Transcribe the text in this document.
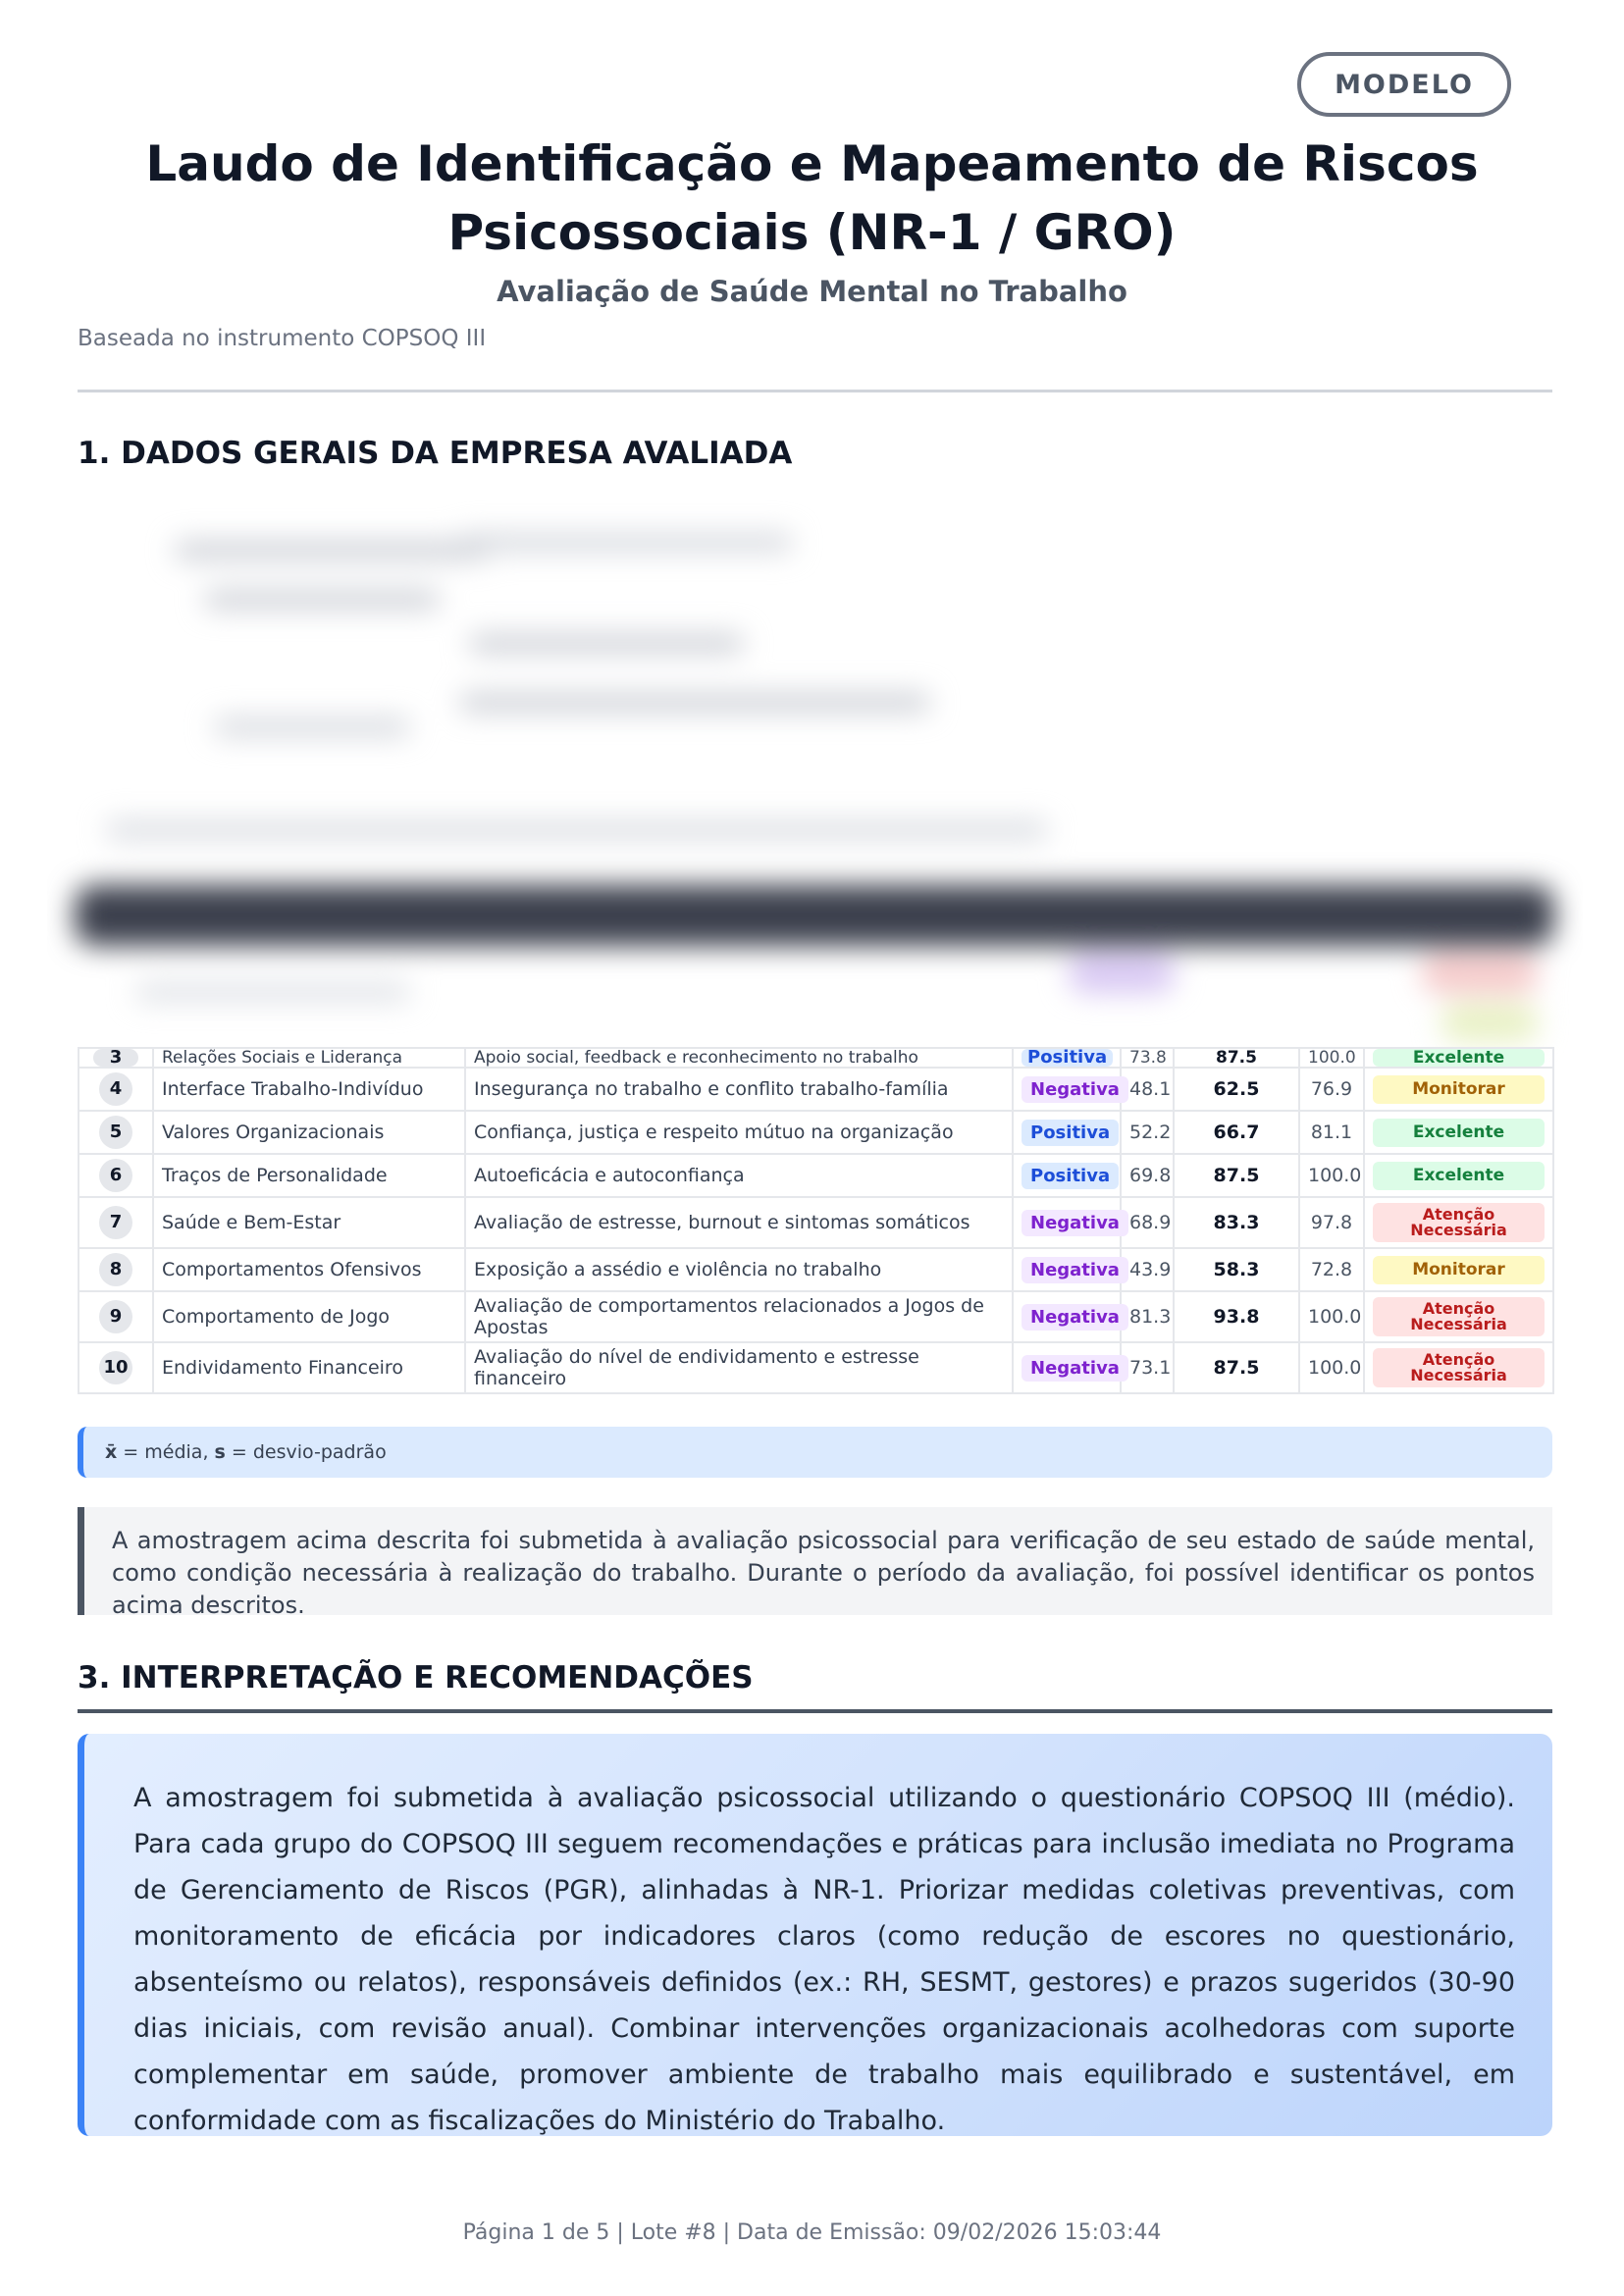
MODELO
Laudo de Identificação e Mapeamento de Riscos Psicossociais (NR-1 / GRO)
Avaliação de Saúde Mental no Trabalho
Baseada no instrumento COPSOQ III
1. DADOS GERAIS DA EMPRESA AVALIADA
3	Relações Sociais e Liderança	Apoio social, feedback e reconhecimento no trabalho	Positiva	73.8	87.5	100.0	Excelente

4	Interface Trabalho-Indivíduo	Insegurança no trabalho e conflito trabalho-família	Negativa	48.1	62.5	76.9	Monitorar

5	Valores Organizacionais	Confiança, justiça e respeito mútuo na organização	Positiva	52.2	66.7	81.1	Excelente

6	Traços de Personalidade	Autoeficácia e autoconfiança	Positiva	69.8	87.5	100.0	Excelente

7	Saúde e Bem-Estar	Avaliação de estresse, burnout e sintomas somáticos	Negativa	68.9	83.3	97.8	Atenção Necessária

8	Comportamentos Ofensivos	Exposição a assédio e violência no trabalho	Negativa	43.9	58.3	72.8	Monitorar

9	Comportamento de Jogo	Avaliação de comportamentos relacionados a Jogos de Apostas	Negativa	81.3	93.8	100.0	Atenção Necessária

10	Endividamento Financeiro	Avaliação do nível de endividamento e estresse financeiro	Negativa	73.1	87.5	100.0	Atenção Necessária
x̄ = média, s = desvio-padrão
A amostragem acima descrita foi submetida à avaliação psicossocial para verificação de seu estado de saúde mental, como condição necessária à realização do trabalho. Durante o período da avaliação, foi possível identificar os pontos acima descritos.
3. INTERPRETAÇÃO E RECOMENDAÇÕES
A amostragem foi submetida à avaliação psicossocial utilizando o questionário COPSOQ III (médio). Para cada grupo do COPSOQ III seguem recomendações e práticas para inclusão imediata no Programa de Gerenciamento de Riscos (PGR), alinhadas à NR-1. Priorizar medidas coletivas preventivas, com monitoramento de eficácia por indicadores claros (como redução de escores no questionário, absenteísmo ou relatos), responsáveis definidos (ex.: RH, SESMT, gestores) e prazos sugeridos (30-90 dias iniciais, com revisão anual). Combinar intervenções organizacionais acolhedoras com suporte complementar em saúde, promover ambiente de trabalho mais equilibrado e sustentável, em conformidade com as fiscalizações do Ministério do Trabalho.
Página 1 de 5 | Lote #8 | Data de Emissão: 09/02/2026 15:03:44
